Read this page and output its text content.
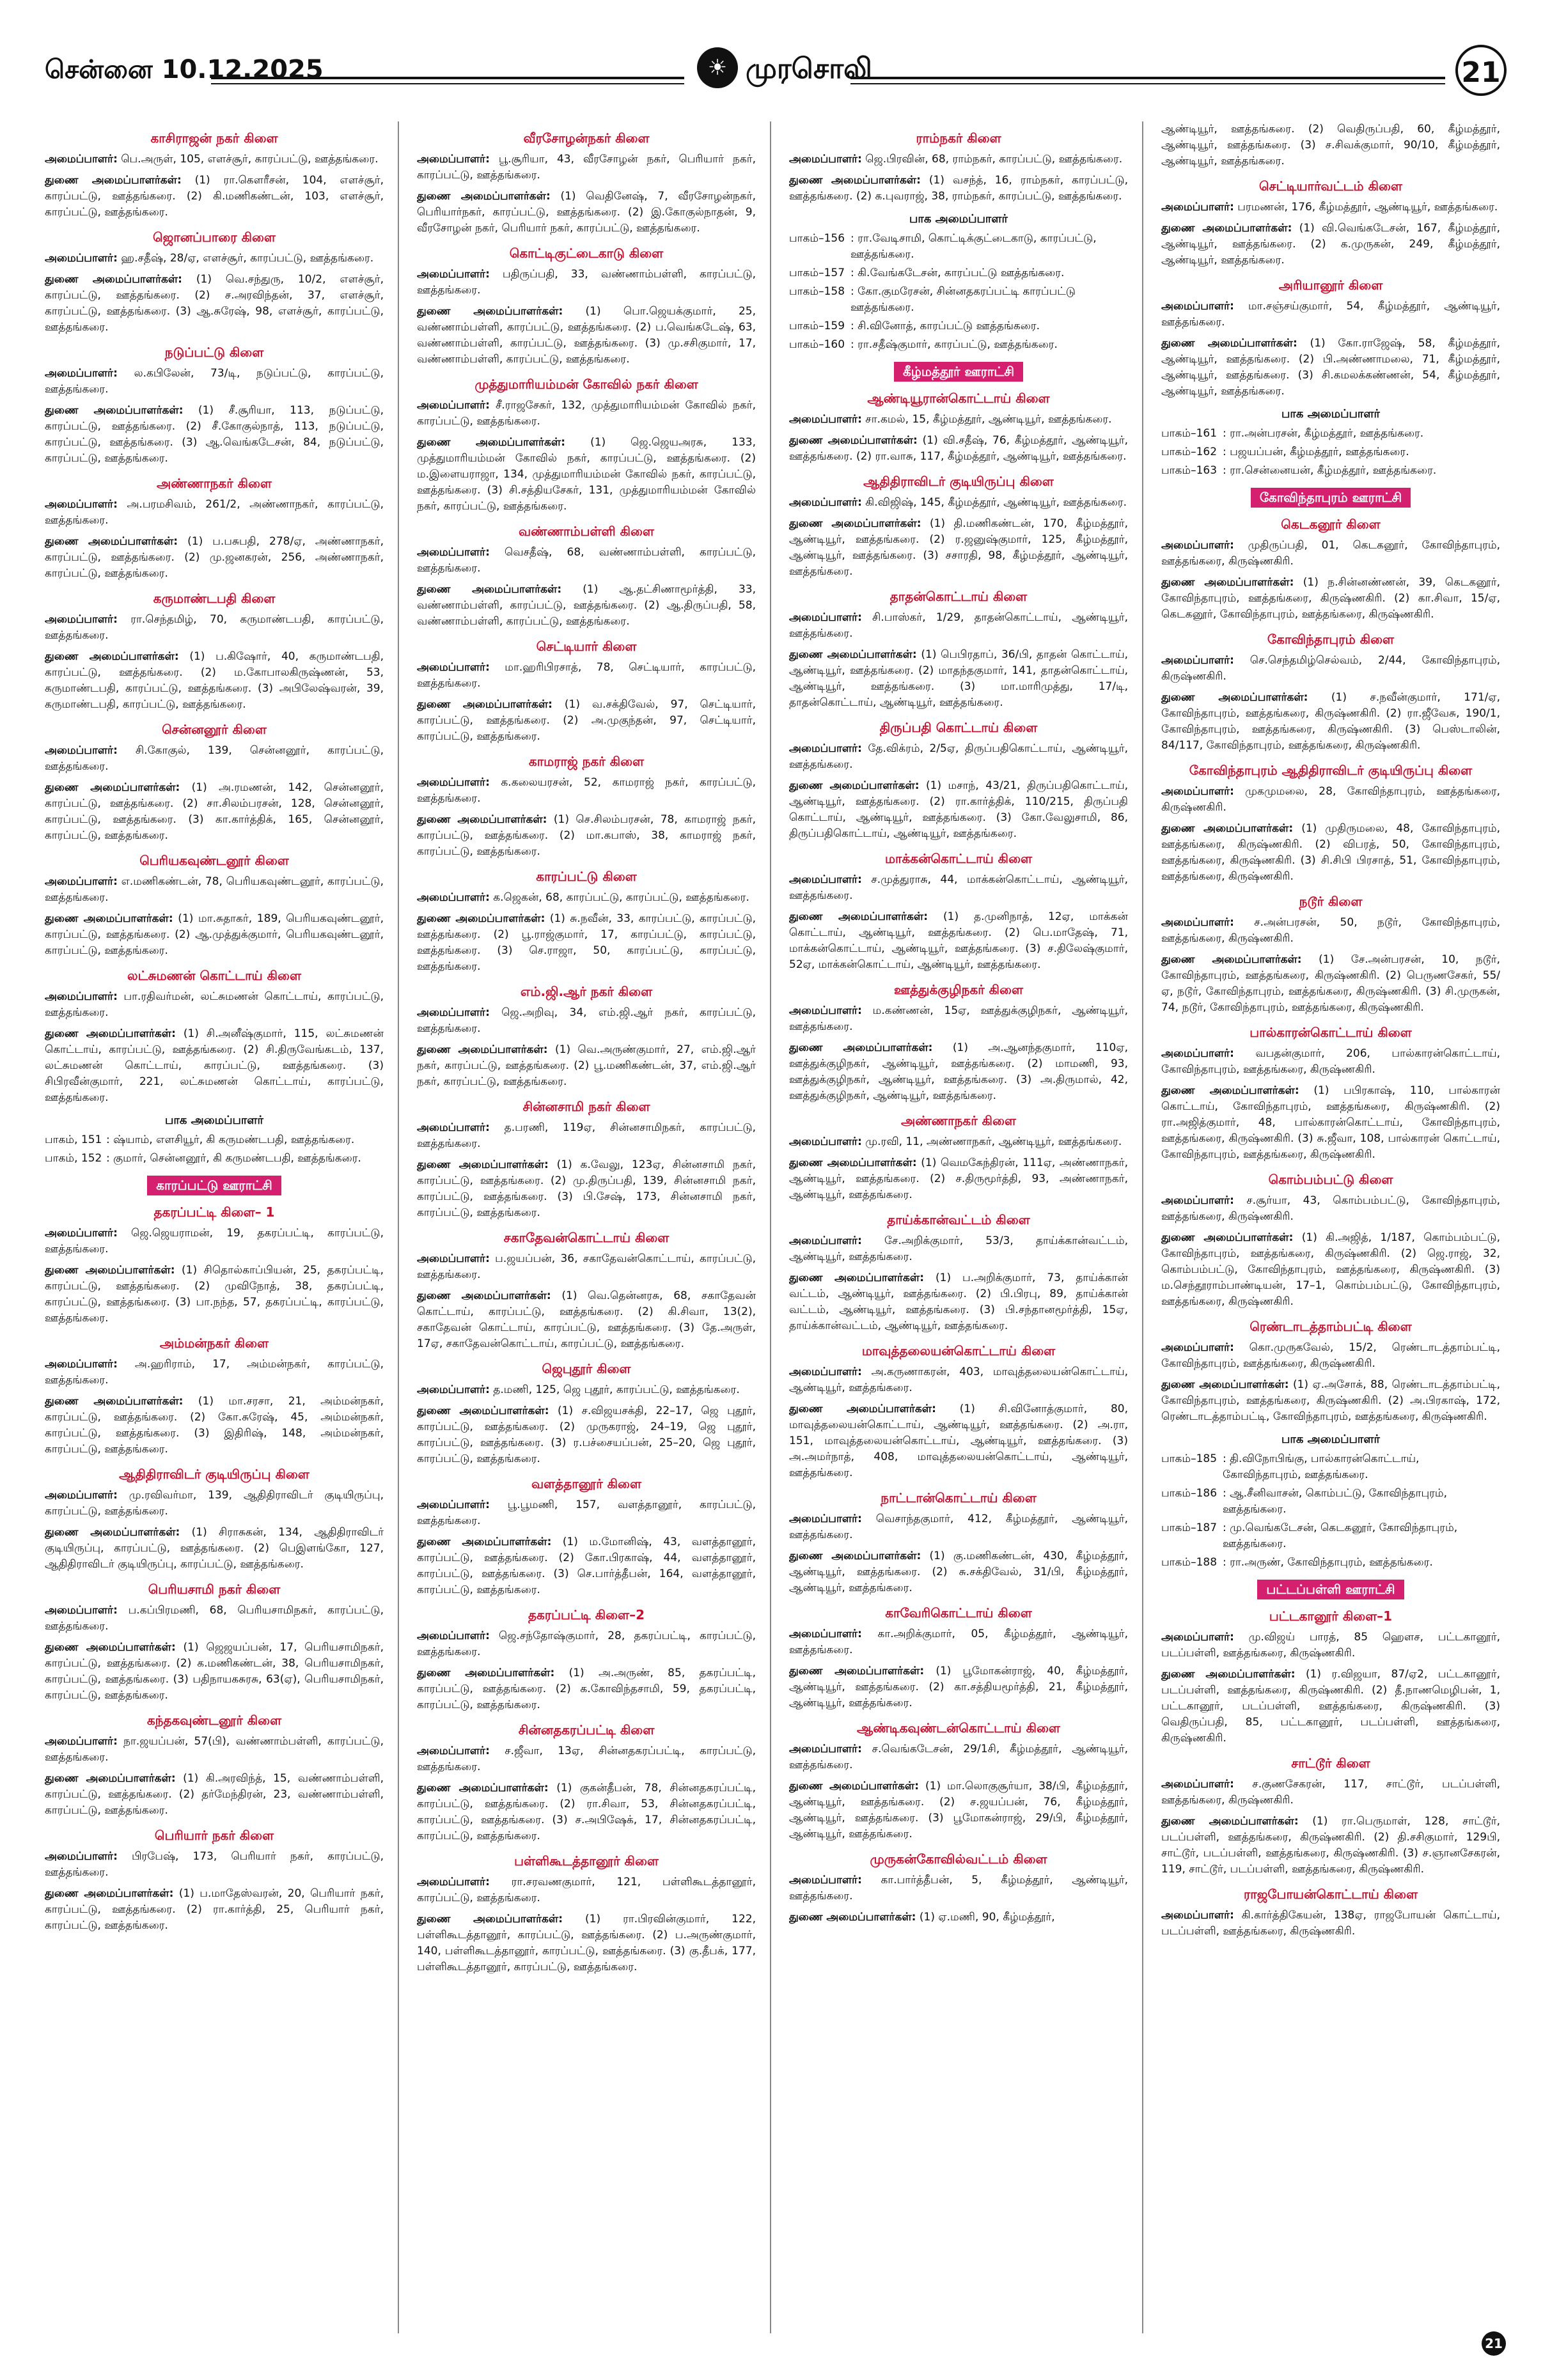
சென்னை 10.12.2025	☀ முரசொலி	21
காசிராஜன் நகர் கிளை

அமைப்பாளர்: பெ.அருள், 105, எளச்சூர், காரப்பட்டு, ஊத்தங்கரை.

துணை அமைப்பாளர்கள்: (1) ரா.கௌரீசன், 104, எளச்சூர், காரப்பட்டு, ஊத்தங்கரை. (2) கி.மணிகண்டன், 103, எளச்சூர், காரப்பட்டு, ஊத்தங்கரை.

ஜொனப்பாரை கிளை

அமைப்பாளர்: ஹ.சதீஷ், 28/ஏ, எளச்சூர், காரப்பட்டு, ஊத்தங்கரை.

துணை அமைப்பாளர்கள்: (1) வெ.சந்துரு, 10/2, எளச்சூர், காரப்பட்டு, ஊத்தங்கரை. (2) ச.அரவிந்தன், 37, எளச்சூர், காரப்பட்டு, ஊத்தங்கரை. (3) ஆ.சுரேஷ், 98, எளச்சூர், காரப்பட்டு, ஊத்தங்கரை.

நடுப்பட்டு கிளை

அமைப்பாளர்: ல.கபிலேன், 73/டி, நடுப்பட்டு, காரப்பட்டு, ஊத்தங்கரை.

துணை அமைப்பாளர்கள்: (1) சீ.சூரியா, 113, நடுப்பட்டு, காரப்பட்டு, ஊத்தங்கரை. (2) சீ.கோகுல்நாத், 113, நடுப்பட்டு, காரப்பட்டு, ஊத்தங்கரை. (3) ஆ.வெங்கடேசன், 84, நடுப்பட்டு, காரப்பட்டு, ஊத்தங்கரை.

அண்ணாநகர் கிளை

அமைப்பாளர்: அ.பரமசிவம், 261/2, அண்ணாநகர், காரப்பட்டு, ஊத்தங்கரை.

துணை அமைப்பாளர்கள்: (1) ப.பசுபதி, 278/ஏ, அண்ணாநகர், காரப்பட்டு, ஊத்தங்கரை. (2) மு.ஜனகரன், 256, அண்ணாநகர், காரப்பட்டு, ஊத்தங்கரை.

கருமாண்டபதி கிளை

அமைப்பாளர்: ரா.செந்தமிழ், 70, கருமாண்டபதி, காரப்பட்டு, ஊத்தங்கரை.

துணை அமைப்பாளர்கள்: (1) ப.கிஷோர், 40, கருமாண்டபதி, காரப்பட்டு, ஊத்தங்கரை. (2) ம.கோபாலகிருஷ்ணன், 53, கருமாண்டபதி, காரப்பட்டு, ஊத்தங்கரை. (3) அபிலேஷ்வரன், 39, கருமாண்டபதி, காரப்பட்டு, ஊத்தங்கரை.

சென்னனூர் கிளை

அமைப்பாளர்: சி.கோகுல், 139, சென்னனூர், காரப்பட்டு, ஊத்தங்கரை.

துணை அமைப்பாளர்கள்: (1) அ.ரமணன், 142, சென்னனூர், காரப்பட்டு, ஊத்தங்கரை. (2) சா.சிலம்பரசன், 128, சென்னனூர், காரப்பட்டு, ஊத்தங்கரை. (3) கா.கார்த்திக், 165, சென்னனூர், காரப்பட்டு, ஊத்தங்கரை.

பெரியகவுண்டனூர் கிளை

அமைப்பாளர்: எ.மணிகண்டன், 78, பெரியகவுண்டனூர், காரப்பட்டு, ஊத்தங்கரை.

துணை அமைப்பாளர்கள்: (1) மா.சுதாகர், 189, பெரியகவுண்டனூர், காரப்பட்டு, ஊத்தங்கரை. (2) ஆ.முத்துக்குமார், பெரியகவுண்டனூர், காரப்பட்டு, ஊத்தங்கரை.

லட்சுமணன் கொட்டாய் கிளை

அமைப்பாளர்: பா.ரதிவர்மன், லட்சுமணன் கொட்டாய், காரப்பட்டு, ஊத்தங்கரை.

துணை அமைப்பாளர்கள்: (1) சி.அனீஷ்குமார், 115, லட்சுமணன் கொட்டாய், காரப்பட்டு, ஊத்தங்கரை. (2) சி.திருவேங்கடம், 137, லட்சுமணன் கொட்டாய், காரப்பட்டு, ஊத்தங்கரை. (3) சிபிரவீன்குமார், 221, லட்சுமணன் கொட்டாய், காரப்பட்டு, ஊத்தங்கரை.

பாக அமைப்பாளர்
பாகம், 151 : ஷ்யாம், எளசியூர், கி கருமண்டபதி, ஊத்தங்கரை.
பாகம், 152 : குமார், சென்னனூர், கி கருமண்டபதி, ஊத்தங்கரை.
காரப்பட்டு ஊராட்சி
தகரப்பட்டி கிளை– 1

அமைப்பாளர்: ஜெ.ஜெயராமன், 19, தகரப்பட்டி, காரப்பட்டு, ஊத்தங்கரை.

துணை அமைப்பாளர்கள்: (1) சிதொல்காப்பியன், 25, தகரப்பட்டி, காரப்பட்டு, ஊத்தங்கரை. (2) முவிநோத், 38, தகரப்பட்டி, காரப்பட்டு, ஊத்தங்கரை. (3) பா.நந்த, 57, தகரப்பட்டி, காரப்பட்டு, ஊத்தங்கரை.

அம்மன்நகர் கிளை

அமைப்பாளர்: அ.ஹரிராம், 17, அம்மன்நகர், காரப்பட்டு, ஊத்தங்கரை.

துணை அமைப்பாளர்கள்: (1) மா.சரசா, 21, அம்மன்நகர், காரப்பட்டு, ஊத்தங்கரை. (2) கோ.சுரேஷ், 45, அம்மன்நகர், காரப்பட்டு, ஊத்தங்கரை. (3) இதிரிஷ், 148, அம்மன்நகர், காரப்பட்டு, ஊத்தங்கரை.

ஆதிதிராவிடர் குடியிருப்பு கிளை

அமைப்பாளர்: மு.ரவிவர்மா, 139, ஆதிதிராவிடர் குடியிருப்பு, காரப்பட்டு, ஊத்தங்கரை.

துணை அமைப்பாளர்கள்: (1) சிராசுகன், 134, ஆதிதிராவிடர் குடியிருப்பு, காரப்பட்டு, ஊத்தங்கரை. (2) பெஇளங்கோ, 127, ஆதிதிராவிடர் குடியிருப்பு, காரப்பட்டு, ஊத்தங்கரை.

பெரியசாமி நகர் கிளை

அமைப்பாளர்: ப.கப்பிரமணி, 68, பெரியசாமிநகர், காரப்பட்டு, ஊத்தங்கரை.

துணை அமைப்பாளர்கள்: (1) ஜெஜயப்பன், 17, பெரியசாமிநகர், காரப்பட்டு, ஊத்தங்கரை. (2) க.மணிகண்டன், 38, பெரியசாமிநகர், காரப்பட்டு, ஊத்தங்கரை. (3) பதிநாயகசுரசு, 63(ஏ), பெரியசாமிநகர், காரப்பட்டு, ஊத்தங்கரை.

கந்தகவுண்டனூர் கிளை

அமைப்பாளர்: நா.ஜயப்பன், 57(பி), வண்ணாம்பள்ளி, காரப்பட்டு, ஊத்தங்கரை.

துணை அமைப்பாளர்கள்: (1) கி.அரவிந்த், 15, வண்ணாம்பள்ளி, காரப்பட்டு, ஊத்தங்கரை. (2) தர்மேந்திரன், 23, வண்ணாம்பள்ளி, காரப்பட்டு, ஊத்தங்கரை.

பெரியார் நகர் கிளை

அமைப்பாளர்: பிரபேஷ், 173, பெரியார் நகர், காரப்பட்டு, ஊத்தங்கரை.

துணை அமைப்பாளர்கள்: (1) ப.மாதேஸ்வரன், 20, பெரியார் நகர், காரப்பட்டு, ஊத்தங்கரை. (2) ரா.கார்த்தி, 25, பெரியார் நகர், காரப்பட்டு, ஊத்தங்கரை.

வீரசோழன்நகர் கிளை

அமைப்பாளர்: பூ.சூரியா, 43, வீரசோழன் நகர், பெரியார் நகர், காரப்பட்டு, ஊத்தங்கரை.

துணை அமைப்பாளர்கள்: (1) வெதினேஷ், 7, வீரசோழன்நகர், பெரியார்நகர், காரப்பட்டு, ஊத்தங்கரை. (2) இ.கோகுல்நாதன், 9, வீரசோழன் நகர், பெரியார் நகர், காரப்பட்டு, ஊத்தங்கரை.

கொட்டிகுட்டைகாடு கிளை

அமைப்பாளர்: பதிருப்பதி, 33, வண்ணாம்பள்ளி, காரப்பட்டு, ஊத்தங்கரை.

துணை அமைப்பாளர்கள்: (1) பொ.ஜெயக்குமார், 25, வண்ணாம்பள்ளி, காரப்பட்டு, ஊத்தங்கரை. (2) ப.வெங்கடேஷ், 63, வண்ணாம்பள்ளி, காரப்பட்டு, ஊத்தங்கரை. (3) மு.சசிகுமார், 17, வண்ணாம்பள்ளி, காரப்பட்டு, ஊத்தங்கரை.

முத்துமாரியம்மன் கோவில் நகர் கிளை

அமைப்பாளர்: சீ.ராஜசேகர், 132, முத்துமாரியம்மன் கோவில் நகர், காரப்பட்டு, ஊத்தங்கரை.

துணை அமைப்பாளர்கள்: (1) ஜெ.ஜெயஅரசு, 133, முத்துமாரியம்மன் கோவில் நகர், காரப்பட்டு, ஊத்தங்கரை. (2) ம.இளையராஜா, 134, முத்துமாரியம்மன் கோவில் நகர், காரப்பட்டு, ஊத்தங்கரை. (3) சி.சத்தியசேகர், 131, முத்துமாரியம்மன் கோவில் நகர், காரப்பட்டு, ஊத்தங்கரை.

வண்ணாம்பள்ளி கிளை

அமைப்பாளர்: வெசதீஷ், 68, வண்ணாம்பள்ளி, காரப்பட்டு, ஊத்தங்கரை.

துணை அமைப்பாளர்கள்: (1) ஆ.தட்சிணாமூர்த்தி, 33, வண்ணாம்பள்ளி, காரப்பட்டு, ஊத்தங்கரை. (2) ஆ.திருப்பதி, 58, வண்ணாம்பள்ளி, காரப்பட்டு, ஊத்தங்கரை.

செட்டியார் கிளை

அமைப்பாளர்: மா.ஹரிபிரசாத், 78, செட்டியார், காரப்பட்டு, ஊத்தங்கரை.

துணை அமைப்பாளர்கள்: (1) வ.சக்திவேல், 97, செட்டியார், காரப்பட்டு, ஊத்தங்கரை. (2) அ.முகுந்தன், 97, செட்டியார், காரப்பட்டு, ஊத்தங்கரை.

காமராஜ் நகர் கிளை

அமைப்பாளர்: க.கலையரசன், 52, காமராஜ் நகர், காரப்பட்டு, ஊத்தங்கரை.

துணை அமைப்பாளர்கள்: (1) செ.சிலம்பரசன், 78, காமராஜ் நகர், காரப்பட்டு, ஊத்தங்கரை. (2) மா.கபாஸ், 38, காமராஜ் நகர், காரப்பட்டு, ஊத்தங்கரை.

காரப்பட்டு கிளை

அமைப்பாளர்: க.ஜெகன், 68, காரப்பட்டு, காரப்பட்டு, ஊத்தங்கரை.

துணை அமைப்பாளர்கள்: (1) சு.நவீன், 33, காரப்பட்டு, காரப்பட்டு, ஊத்தங்கரை. (2) பூ.ராஜ்குமார், 17, காரப்பட்டு, காரப்பட்டு, ஊத்தங்கரை. (3) செ.ராஜா, 50, காரப்பட்டு, காரப்பட்டு, ஊத்தங்கரை.

எம்.ஜி.ஆர் நகர் கிளை

அமைப்பாளர்: ஜெ.அறிவு, 34, எம்.ஜி.ஆர் நகர், காரப்பட்டு, ஊத்தங்கரை.

துணை அமைப்பாளர்கள்: (1) வெ.அருண்குமார், 27, எம்.ஜி.ஆர் நகர், காரப்பட்டு, ஊத்தங்கரை. (2) பூ.மணிகண்டன், 37, எம்.ஜி.ஆர் நகர், காரப்பட்டு, ஊத்தங்கரை.

சின்னசாமி நகர் கிளை

அமைப்பாளர்: த.பரணி, 119ஏ, சின்னசாமிநகர், காரப்பட்டு, ஊத்தங்கரை.

துணை அமைப்பாளர்கள்: (1) க.வேலு, 123ஏ, சின்னசாமி நகர், காரப்பட்டு, ஊத்தங்கரை. (2) மு.திருப்பதி, 139, சின்னசாமி நகர், காரப்பட்டு, ஊத்தங்கரை. (3) பி.சேஷ், 173, சின்னசாமி நகர், காரப்பட்டு, ஊத்தங்கரை.

சகாதேவன்கொட்டாய் கிளை

அமைப்பாளர்: ப.ஜயப்பன், 36, சகாதேவன்கொட்டாய், காரப்பட்டு, ஊத்தங்கரை.

துணை அமைப்பாளர்கள்: (1) வெ.தென்னரசு, 68, சகாதேவன் கொட்டாய், காரப்பட்டு, ஊத்தங்கரை. (2) கி.சிவா, 13(2), சகாதேவன் கொட்டாய், காரப்பட்டு, ஊத்தங்கரை. (3) தே.அருள், 17ஏ, சகாதேவன்கொட்டாய், காரப்பட்டு, ஊத்தங்கரை.

ஜெபுதூர் கிளை

அமைப்பாளர்: த.மணி, 125, ஜெ புதூர், காரப்பட்டு, ஊத்தங்கரை.

துணை அமைப்பாளர்கள்: (1) ச.விஜயசக்தி, 22–17, ஜெ புதூர், காரப்பட்டு, ஊத்தங்கரை. (2) முருகராஜ், 24–19, ஜெ புதூர், காரப்பட்டு, ஊத்தங்கரை. (3) ர.பச்சையப்பன், 25–20, ஜெ புதூர், காரப்பட்டு, ஊத்தங்கரை.

வளத்தானூர் கிளை

அமைப்பாளர்: பூ.பூமணி, 157, வளத்தானூர், காரப்பட்டு, ஊத்தங்கரை.

துணை அமைப்பாளர்கள்: (1) ம.மோனிஷ், 43, வளத்தானூர், காரப்பட்டு, ஊத்தங்கரை. (2) கோ.பிரகாஷ், 44, வளத்தானூர், காரப்பட்டு, ஊத்தங்கரை. (3) செ.பார்த்தீபன், 164, வளத்தானூர், காரப்பட்டு, ஊத்தங்கரை.

தகரப்பட்டி கிளை–2

அமைப்பாளர்: ஜெ.சந்தோஷ்குமார், 28, தகரப்பட்டி, காரப்பட்டு, ஊத்தங்கரை.

துணை அமைப்பாளர்கள்: (1) அ.அருண், 85, தகரப்பட்டி, காரப்பட்டு, ஊத்தங்கரை. (2) க.கோவிந்தசாமி, 59, தகரப்பட்டி, காரப்பட்டு, ஊத்தங்கரை.

சின்னதகரப்பட்டி கிளை

அமைப்பாளர்: ச.ஜீவா, 13ஏ, சின்னதகரப்பட்டி, காரப்பட்டு, ஊத்தங்கரை.

துணை அமைப்பாளர்கள்: (1) குகன்தீபன், 78, சின்னதகரப்பட்டி, காரப்பட்டு, ஊத்தங்கரை. (2) ரா.சிவா, 53, சின்னதகரப்பட்டி, காரப்பட்டு, ஊத்தங்கரை. (3) ச.அபிஷேக், 17, சின்னதகரப்பட்டி, காரப்பட்டு, ஊத்தங்கரை.

பள்ளிகூடத்தானூர் கிளை

அமைப்பாளர்: ரா.சரவணகுமார், 121, பள்ளிகூடத்தானூர், காரப்பட்டு, ஊத்தங்கரை.

துணை அமைப்பாளர்கள்: (1) ரா.பிரவின்குமார், 122, பள்ளிகூடத்தானூர், காரப்பட்டு, ஊத்தங்கரை. (2) ப.அருண்குமார், 140, பள்ளிகூடத்தானூர், காரப்பட்டு, ஊத்தங்கரை. (3) கு.தீபக், 177, பள்ளிகூடத்தானூர், காரப்பட்டு, ஊத்தங்கரை.

ராம்நகர் கிளை

அமைப்பாளர்: ஜெ.பிரவின், 68, ராம்நகர், காரப்பட்டு, ஊத்தங்கரை.

துணை அமைப்பாளர்கள்: (1) வசந்த், 16, ராம்நகர், காரப்பட்டு, ஊத்தங்கரை. (2) க.புவராஜ், 38, ராம்நகர், காரப்பட்டு, ஊத்தங்கரை.

பாக அமைப்பாளர்
பாகம்–156 : ரா.வேடிசாமி, கொட்டிக்குட்டைகாடு, காரப்பட்டு, ஊத்தங்கரை.
பாகம்–157 : கி.வேங்கடேசன், காரப்பட்டு ஊத்தங்கரை.
பாகம்–158 : கோ.குமரேசன், சின்னதகரப்பட்டி காரப்பட்டு ஊத்தங்கரை.
பாகம்–159 : சி.வினோத், காரப்பட்டு ஊத்தங்கரை.
பாகம்–160 : ரா.சதீஷ்குமார், காரப்பட்டு, ஊத்தங்கரை.
கீழ்மத்தூர் ஊராட்சி
ஆண்டியூரான்கொட்டாய் கிளை

அமைப்பாளர்: சா.கமல், 15, கீழ்மத்தூர், ஆண்டியூர், ஊத்தங்கரை.

துணை அமைப்பாளர்கள்: (1) வி.சதீஷ், 76, கீழ்மத்தூர், ஆண்டியூர், ஊத்தங்கரை. (2) ரா.வாசு, 117, கீழ்மத்தூர், ஆண்டியூர், ஊத்தங்கரை.

ஆதிதிராவிடர் குடியிருப்பு கிளை

அமைப்பாளர்: கி.விஜிஷ், 145, கீழ்மத்தூர், ஆண்டியூர், ஊத்தங்கரை.

துணை அமைப்பாளர்கள்: (1) தி.மணிகண்டன், 170, கீழ்மத்தூர், ஆண்டியூர், ஊத்தங்கரை. (2) ர.ஜனுஷ்குமார், 125, கீழ்மத்தூர், ஆண்டியூர், ஊத்தங்கரை. (3) சசாரதி, 98, கீழ்மத்தூர், ஆண்டியூர், ஊத்தங்கரை.

தாதன்கொட்டாய் கிளை

அமைப்பாளர்: சி.பாஸ்கர், 1/29, தாதன்கொட்டாய், ஆண்டியூர், ஊத்தங்கரை.

துணை அமைப்பாளர்கள்: (1) பெபிரதாப், 36/பி, தாதன் கொட்டாய், ஆண்டியூர், ஊத்தங்கரை. (2) மாதந்தகுமார், 141, தாதன்கொட்டாய், ஆண்டியூர், ஊத்தங்கரை. (3) மா.மாரிமுத்து, 17/டி, தாதன்கொட்டாய், ஆண்டியூர், ஊத்தங்கரை.

திருப்பதி கொட்டாய் கிளை

அமைப்பாளர்: தே.விக்ரம், 2/5ஏ, திருப்பதிகொட்டாய், ஆண்டியூர், ஊத்தங்கரை.

துணை அமைப்பாளர்கள்: (1) மசாந், 43/21, திருப்பதிகொட்டாய், ஆண்டியூர், ஊத்தங்கரை. (2) ரா.கார்த்திக், 110/215, திருப்பதி கொட்டாய், ஆண்டியூர், ஊத்தங்கரை. (3) கோ.வேலுசாமி, 86, திருப்பதிகொட்டாய், ஆண்டியூர், ஊத்தங்கரை.

மாக்கன்கொட்டாய் கிளை

அமைப்பாளர்: ச.முத்துராசு, 44, மாக்கன்கொட்டாய், ஆண்டியூர், ஊத்தங்கரை.

துணை அமைப்பாளர்கள்: (1) த.முனிநாத், 12ஏ, மாக்கன் கொட்டாய், ஆண்டியூர், ஊத்தங்கரை. (2) பெ.மாதேஷ், 71, மாக்கன்கொட்டாய், ஆண்டியூர், ஊத்தங்கரை. (3) ச.திலேஷ்குமார், 52ஏ, மாக்கன்கொட்டாய், ஆண்டியூர், ஊத்தங்கரை.

ஊத்துக்குழிநகர் கிளை

அமைப்பாளர்: ம.கண்ணன், 15ஏ, ஊத்துக்குழிநகர், ஆண்டியூர், ஊத்தங்கரை.

துணை அமைப்பாளர்கள்: (1) அ.ஆனந்தகுமார், 110ஏ, ஊத்துக்குழிநகர், ஆண்டியூர், ஊத்தங்கரை. (2) மாமணி, 93, ஊத்துக்குழிநகர், ஆண்டியூர், ஊத்தங்கரை. (3) அ.திருமால், 42, ஊத்துக்குழிநகர், ஆண்டியூர், ஊத்தங்கரை.

அண்ணாநகர் கிளை

அமைப்பாளர்: மு.ரவி, 11, அண்ணாநகர், ஆண்டியூர், ஊத்தங்கரை.

துணை அமைப்பாளர்கள்: (1) வெமகேந்திரன், 111ஏ, அண்ணாநகர், ஆண்டியூர், ஊத்தங்கரை. (2) ச.திருமூர்த்தி, 93, அண்ணாநகர், ஆண்டியூர், ஊத்தங்கரை.

தாய்க்கான்வட்டம் கிளை

அமைப்பாளர்: சே.அறிக்குமார், 53/3, தாய்க்கான்வட்டம், ஆண்டியூர், ஊத்தங்கரை.

துணை அமைப்பாளர்கள்: (1) ப.அறிக்குமார், 73, தாய்க்கான் வட்டம், ஆண்டியூர், ஊத்தங்கரை. (2) பி.பிரபு, 89, தாய்க்கான் வட்டம், ஆண்டியூர், ஊத்தங்கரை. (3) பி.சந்தானமூர்த்தி, 15ஏ, தாய்க்கான்வட்டம், ஆண்டியூர், ஊத்தங்கரை.

மாவுத்தலையன்கொட்டாய் கிளை

அமைப்பாளர்: அ.கருணாகரன், 403, மாவுத்தலையன்கொட்டாய், ஆண்டியூர், ஊத்தங்கரை.

துணை அமைப்பாளர்கள்: (1) சி.வினோத்குமார், 80, மாவுத்தலையன்கொட்டாய், ஆண்டியூர், ஊத்தங்கரை. (2) அ.ரா, 151, மாவுத்தலையன்கொட்டாய், ஆண்டியூர், ஊத்தங்கரை. (3) அ.அமர்நாத், 408, மாவுத்தலையன்கொட்டாய், ஆண்டியூர், ஊத்தங்கரை.

நாட்டான்கொட்டாய் கிளை

அமைப்பாளர்: வெசாந்தகுமார், 412, கீழ்மத்தூர், ஆண்டியூர், ஊத்தங்கரை.

துணை அமைப்பாளர்கள்: (1) கு.மணிகண்டன், 430, கீழ்மத்தூர், ஆண்டியூர், ஊத்தங்கரை. (2) சு.சக்திவேல், 31/பி, கீழ்மத்தூர், ஆண்டியூர், ஊத்தங்கரை.

காவேரிகொட்டாய் கிளை

அமைப்பாளர்: கா.அறிக்குமார், 05, கீழ்மத்தூர், ஆண்டியூர், ஊத்தங்கரை.

துணை அமைப்பாளர்கள்: (1) பூமோகன்ராஜ், 40, கீழ்மத்தூர், ஆண்டியூர், ஊத்தங்கரை. (2) கா.சத்தியமூர்த்தி, 21, கீழ்மத்தூர், ஆண்டியூர், ஊத்தங்கரை.

ஆண்டிகவுண்டன்கொட்டாய் கிளை

அமைப்பாளர்: ச.வெங்கடேசன், 29/1சி, கீழ்மத்தூர், ஆண்டியூர், ஊத்தங்கரை.

துணை அமைப்பாளர்கள்: (1) மா.லொகுசூர்யா, 38/பி, கீழ்மத்தூர், ஆண்டியூர், ஊத்தங்கரை. (2) ச.ஜயப்பன், 76, கீழ்மத்தூர், ஆண்டியூர், ஊத்தங்கரை. (3) பூமோகன்ராஜ், 29/பி, கீழ்மத்தூர், ஆண்டியூர், ஊத்தங்கரை.

முருகன்கோவில்வட்டம் கிளை

அமைப்பாளர்: கா.பார்த்தீபன், 5, கீழ்மத்தூர், ஆண்டியூர், ஊத்தங்கரை.

துணை அமைப்பாளர்கள்: (1) ஏ.மணி, 90, கீழ்மத்தூர்,

ஆண்டியூர், ஊத்தங்கரை. (2) வெதிருப்பதி, 60, கீழ்மத்தூர், ஆண்டியூர், ஊத்தங்கரை. (3) ச.சிவக்குமார், 90/10, கீழ்மத்தூர், ஆண்டியூர், ஊத்தங்கரை.

செட்டியார்வட்டம் கிளை

அமைப்பாளர்: பரமணன், 176, கீழ்மத்தூர், ஆண்டியூர், ஊத்தங்கரை.

துணை அமைப்பாளர்கள்: (1) வி.வெங்கடேசன், 167, கீழ்மத்தூர், ஆண்டியூர், ஊத்தங்கரை. (2) க.முருகன், 249, கீழ்மத்தூர், ஆண்டியூர், ஊத்தங்கரை.

அரியானூர் கிளை

அமைப்பாளர்: மா.சஞ்சய்குமார், 54, கீழ்மத்தூர், ஆண்டியூர், ஊத்தங்கரை.

துணை அமைப்பாளர்கள்: (1) கோ.ராஜேஷ், 58, கீழ்மத்தூர், ஆண்டியூர், ஊத்தங்கரை. (2) பி.அண்ணாமலை, 71, கீழ்மத்தூர், ஆண்டியூர், ஊத்தங்கரை. (3) சி.கமலக்கண்ணன், 54, கீழ்மத்தூர், ஆண்டியூர், ஊத்தங்கரை.

பாக அமைப்பாளர்
பாகம்–161 : ரா.அன்பரசன், கீழ்மத்தூர், ஊத்தங்கரை.
பாகம்–162 : பஜயப்பன், கீழ்மத்தூர், ஊத்தங்கரை.
பாகம்–163 : ரா.சென்னையன், கீழ்மத்தூர், ஊத்தங்கரை.
கோவிந்தாபுரம் ஊராட்சி
கெடகனூர் கிளை

அமைப்பாளர்: முதிருப்பதி, 01, கெடகனூர், கோவிந்தாபுரம், ஊத்தங்கரை, கிருஷ்ணகிரி.

துணை அமைப்பாளர்கள்: (1) ந.சின்னண்ணன், 39, கெடகனூர், கோவிந்தாபுரம், ஊத்தங்கரை, கிருஷ்ணகிரி. (2) கா.சிவா, 15/ஏ, கெடகனூர், கோவிந்தாபுரம், ஊத்தங்கரை, கிருஷ்ணகிரி.

கோவிந்தாபுரம் கிளை

அமைப்பாளர்: செ.செந்தமிழ்செல்வம், 2/44, கோவிந்தாபுரம், கிருஷ்ணகிரி.

துணை அமைப்பாளர்கள்: (1) ச.நவீன்குமார், 171/ஏ, கோவிந்தாபுரம், ஊத்தங்கரை, கிருஷ்ணகிரி. (2) ரா.ஜீவேசு, 190/1, கோவிந்தாபுரம், ஊத்தங்கரை, கிருஷ்ணகிரி. (3) பெஸ்டாலின், 84/117, கோவிந்தாபுரம், ஊத்தங்கரை, கிருஷ்ணகிரி.

கோவிந்தாபுரம் ஆதிதிராவிடர் குடியிருப்பு கிளை

அமைப்பாளர்: முகமுமலை, 28, கோவிந்தாபுரம், ஊத்தங்கரை, கிருஷ்ணகிரி.

துணை அமைப்பாளர்கள்: (1) முதிருமலை, 48, கோவிந்தாபுரம், ஊத்தங்கரை, கிருஷ்ணகிரி. (2) விபரத், 50, கோவிந்தாபுரம், ஊத்தங்கரை, கிருஷ்ணகிரி. (3) சி.சிபி பிரசாத், 51, கோவிந்தாபுரம், ஊத்தங்கரை, கிருஷ்ணகிரி.

நடூர் கிளை

அமைப்பாளர்: ச.அன்பரசன், 50, நடூர், கோவிந்தாபுரம், ஊத்தங்கரை, கிருஷ்ணகிரி.

துணை அமைப்பாளர்கள்: (1) சே.அன்பரசன், 10, நடூர், கோவிந்தாபுரம், ஊத்தங்கரை, கிருஷ்ணகிரி. (2) பெருணசேகர், 55/ஏ, நடூர், கோவிந்தாபுரம், ஊத்தங்கரை, கிருஷ்ணகிரி. (3) சி.முருகன், 74, நடூர், கோவிந்தாபுரம், ஊத்தங்கரை, கிருஷ்ணகிரி.

பால்காரன்கொட்டாய் கிளை

அமைப்பாளர்: வபதன்குமார், 206, பால்காரன்கொட்டாய், கோவிந்தாபுரம், ஊத்தங்கரை, கிருஷ்ணகிரி.

துணை அமைப்பாளர்கள்: (1) பபிரகாஷ், 110, பால்காரன் கொட்டாய், கோவிந்தாபுரம், ஊத்தங்கரை, கிருஷ்ணகிரி. (2) ரா.அஜித்குமார், 48, பால்காரன்கொட்டாய், கோவிந்தாபுரம், ஊத்தங்கரை, கிருஷ்ணகிரி. (3) சு.ஜீவா, 108, பால்காரன் கொட்டாய், கோவிந்தாபுரம், ஊத்தங்கரை, கிருஷ்ணகிரி.

கொம்பம்பட்டு கிளை

அமைப்பாளர்: ச.சூர்யா, 43, கொம்பம்பட்டு, கோவிந்தாபுரம், ஊத்தங்கரை, கிருஷ்ணகிரி.

துணை அமைப்பாளர்கள்: (1) கி.அஜித், 1/187, கொம்பம்பட்டு, கோவிந்தாபுரம், ஊத்தங்கரை, கிருஷ்ணகிரி. (2) ஜெ.ராஜ், 32, கொம்பம்பட்டு, கோவிந்தாபுரம், ஊத்தங்கரை, கிருஷ்ணகிரி. (3) ம.செந்தூராம்பாண்டியன், 17–1, கொம்பம்பட்டு, கோவிந்தாபுரம், ஊத்தங்கரை, கிருஷ்ணகிரி.

ரெண்டாடத்தாம்பட்டி கிளை

அமைப்பாளர்: கொ.முருகவேல், 15/2, ரெண்டாடத்தாம்பட்டி, கோவிந்தாபுரம், ஊத்தங்கரை, கிருஷ்ணகிரி.

துணை அமைப்பாளர்கள்: (1) ஏ.அசோக், 88, ரெண்டாடத்தாம்பட்டி, கோவிந்தாபுரம், ஊத்தங்கரை, கிருஷ்ணகிரி. (2) அ.பிரகாஷ், 172, ரெண்டாடத்தாம்பட்டி, கோவிந்தாபுரம், ஊத்தங்கரை, கிருஷ்ணகிரி.

பாக அமைப்பாளர்
பாகம்–185 : தி.விநோபிங்கு, பால்காரன்கொட்டாய், கோவிந்தாபுரம், ஊத்தங்கரை.
பாகம்–186 : ஆ.சீனிவாசன், கொம்பட்டு, கோவிந்தாபுரம், ஊத்தங்கரை.
பாகம்–187 : மு.வெங்கடேசன், கெடகனூர், கோவிந்தாபுரம், ஊத்தங்கரை.
பாகம்–188 : ரா.அருண், கோவிந்தாபுரம், ஊத்தங்கரை.
பட்டப்பள்ளி ஊராட்சி
பட்டகானூர் கிளை–1

அமைப்பாளர்: மு.விஜய் பாரத், 85 ஹௌச, பட்டகானூர், படப்பள்ளி, ஊத்தங்கரை, கிருஷ்ணகிரி.

துணை அமைப்பாளர்கள்: (1) ர.விஜயா, 87/ஏ2, பட்டகானூர், படப்பள்ளி, ஊத்தங்கரை, கிருஷ்ணகிரி. (2) தீ.நாணமெழிபன், 1, பட்டகானூர், படப்பள்ளி, ஊத்தங்கரை, கிருஷ்ணகிரி. (3) வெதிருப்பதி, 85, பட்டகானூர், படப்பள்ளி, ஊத்தங்கரை, கிருஷ்ணகிரி.

சாட்டூர் கிளை

அமைப்பாளர்: ச.குணசேகரன், 117, சாட்டூர், படப்பள்ளி, ஊத்தங்கரை, கிருஷ்ணகிரி.

துணை அமைப்பாளர்கள்: (1) ரா.பெருமாள், 128, சாட்டூர், படப்பள்ளி, ஊத்தங்கரை, கிருஷ்ணகிரி. (2) தி.சசிகுமார், 129பி, சாட்டூர், படப்பள்ளி, ஊத்தங்கரை, கிருஷ்ணகிரி. (3) ச.ஞானசேகரன், 119, சாட்டூர், படப்பள்ளி, ஊத்தங்கரை, கிருஷ்ணகிரி.

ராஜபோயன்கொட்டாய் கிளை

அமைப்பாளர்: கி.கார்த்திகேயன், 138ஏ, ராஜபோயன் கொட்டாய், படப்பள்ளி, ஊத்தங்கரை, கிருஷ்ணகிரி.

21
